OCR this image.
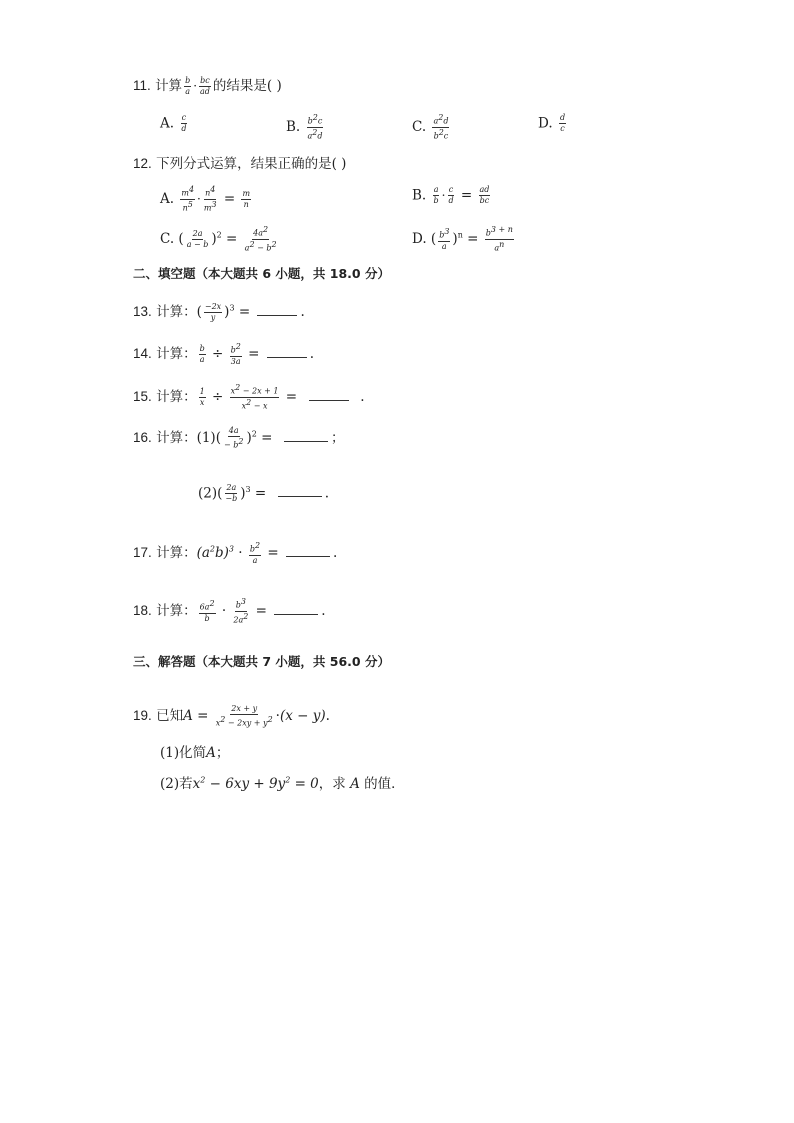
11. 计算 $\frac{b}{a} \cdot \frac{bc}{ad}$ 的结果是( )
A. $\frac{c}{d}$	B. $\frac{b^2c}{a^2d}$	C. $\frac{a^2d}{b^2c}$	D. $\frac{d}{c}$
12. 下列分式运算，结果正确的是( )
A. $\frac{m^4}{n^5} \cdot \frac{n^4}{m^3} = \frac{m}{n}$	B. $\frac{a}{b} \cdot \frac{c}{d} = \frac{ad}{bc}$
C. ( $\frac{2a}{a - b} )^2 = \frac{4a^2}{a^2 - b^2}$	D. ( $\frac{b^3}{a} )^n = \frac{b^{3 + n}}{a^n}$
二、填空题（本大题共 6 小题，共 18.0 分）
13. 计算：( $\frac{-2x}{y} )^3$ =	.
14. 计算： $\frac{b}{a} \div \frac{b^2}{3a}$ =	.
15. 计算： $\frac{1}{x} \div \frac{x^2 - 2x + 1}{x^2 - x}$ =	.
16. 计算：$(1)( \frac{4a}{- b^2} )^2$ =	；
$(2)( \frac{2a}{-b} )^3$ =	.
17. 计算：$(a^2b)^3 \cdot \frac{b^2}{a}$ =	.
18. 计算： $\frac{6a^2}{b} \cdot \frac{b^3}{2a^2}$ =	.
三、解答题（本大题共 7 小题，共 56.0 分）
19. 已知$A = \frac{2x + y}{x^2 - 2xy + y^2} \cdot(x - y)$.
(1)化简A；
(2)若$x^2 - 6xy + 9y^2 = 0$，求 A 的值．
